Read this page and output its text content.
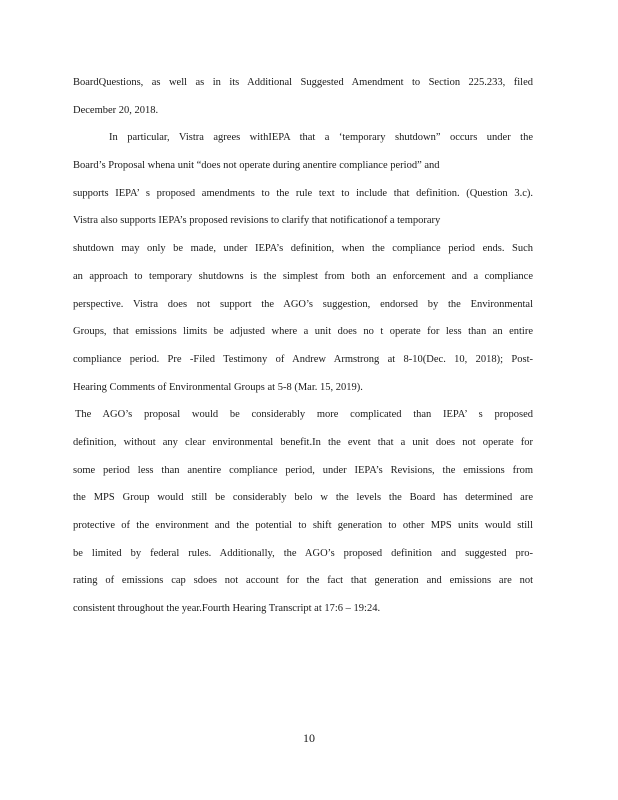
BoardQuestions, as well as in its Additional Suggested Amendment to Section 225.233, filed
December 20, 2018.
In particular, Vistra agrees withIEPA that a ‘temporary shutdown” occurs under the
Board’s Proposal whena unit “does not operate during anentire compliance period” and
supports IEPA’ s proposed amendments to the rule text to include that definition. (Question 3.c).
Vistra also supports IEPA’s proposed revisions to clarify that notificationof a temporary
shutdown may only be made, under IEPA’s definition, when the compliance period ends. Such
an approach to temporary shutdowns is the simplest from both an enforcement and a compliance
perspective. Vistra does not support the AGO’s suggestion, endorsed by the Environmental
Groups, that emissions limits be adjusted where a unit does no t operate for less than an entire
compliance period. Pre -Filed Testimony of Andrew Armstrong at 8-10(Dec. 10, 2018); Post-
Hearing Comments of Environmental Groups at 5-8 (Mar. 15, 2019).
The AGO’s proposal would be considerably more complicated than IEPA’ s proposed
definition, without any clear environmental benefit.In the event that a unit does not operate for
some period less than anentire compliance period, under IEPA’s Revisions, the emissions from
the MPS Group would still be considerably belo w the levels the Board has determined are
protective of the environment and the potential to shift generation to other MPS units would still
be limited by federal rules. Additionally, the AGO’s proposed definition and suggested pro-
rating of emissions cap sdoes not account for the fact that generation and emissions are not
consistent throughout the year.Fourth Hearing Transcript at 17:6 – 19:24.
10
